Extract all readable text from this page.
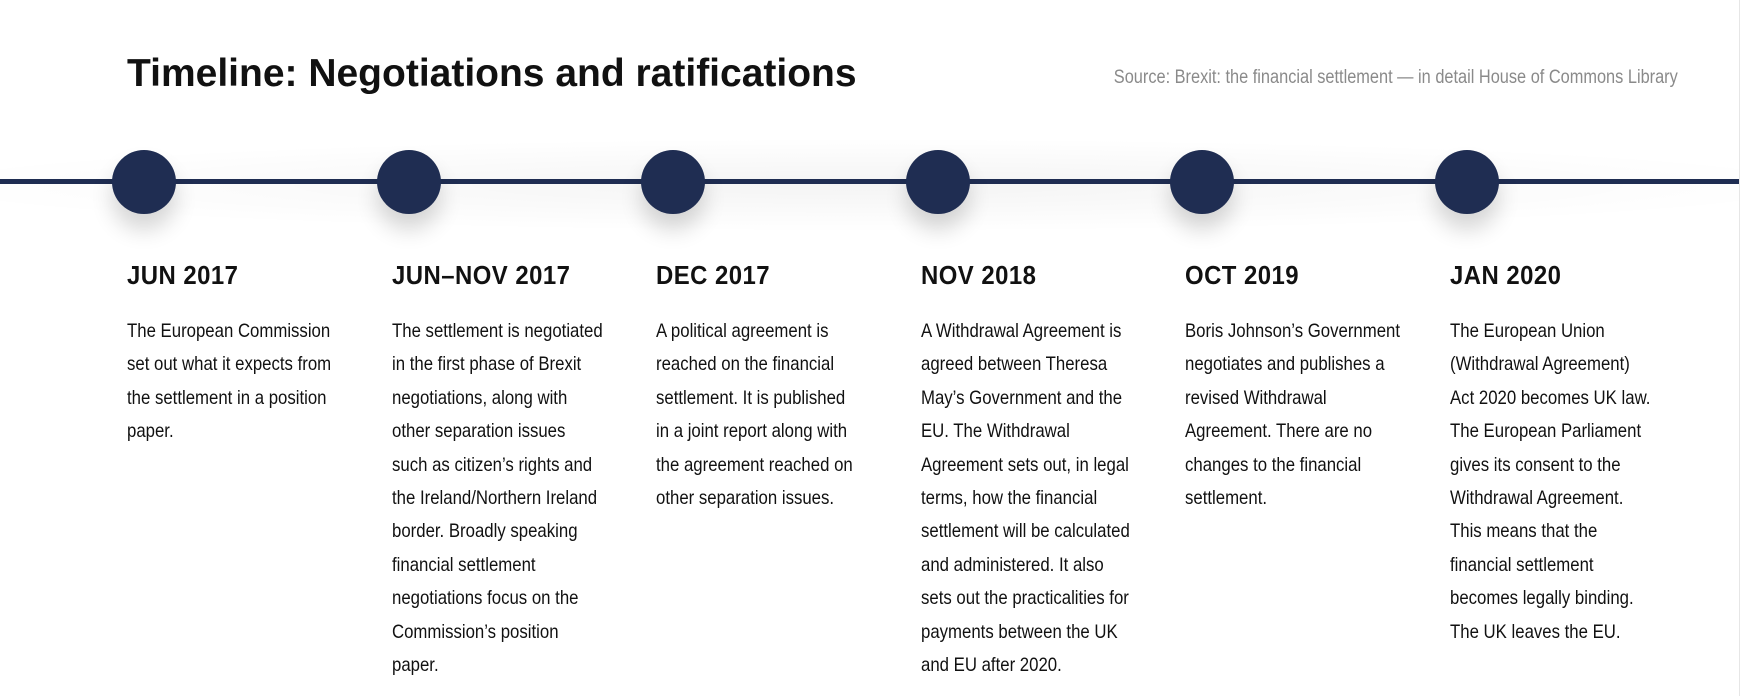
Timeline: Negotiations and ratifications	Source: Brexit: the financial settlement — in detail House of Commons Library
JUN 2017
The European Commission set out what it expects from the settlement in a position paper.
JUN–NOV 2017
The settlement is negotiated in the first phase of Brexit negotiations, along with other separation issues such as citizen’s rights and the Ireland/Northern Ireland border. Broadly speaking financial settlement negotiations focus on the Commission’s position paper.
DEC 2017
A political agreement is reached on the financial settlement. It is published in a joint report along with the agreement reached on other separation issues.
NOV 2018
A Withdrawal Agreement is agreed between Theresa May’s Government and the EU. The Withdrawal Agreement sets out, in legal terms, how the financial settlement will be calculated and administered. It also sets out the practicalities for payments between the UK and EU after 2020.
OCT 2019
Boris Johnson’s Government negotiates and publishes a revised Withdrawal Agreement. There are no changes to the financial settlement.
JAN 2020
The European Union (Withdrawal Agreement) Act 2020 becomes UK law. The European Parliament gives its consent to the Withdrawal Agreement. This means that the financial settlement becomes legally binding. The UK leaves the EU.
